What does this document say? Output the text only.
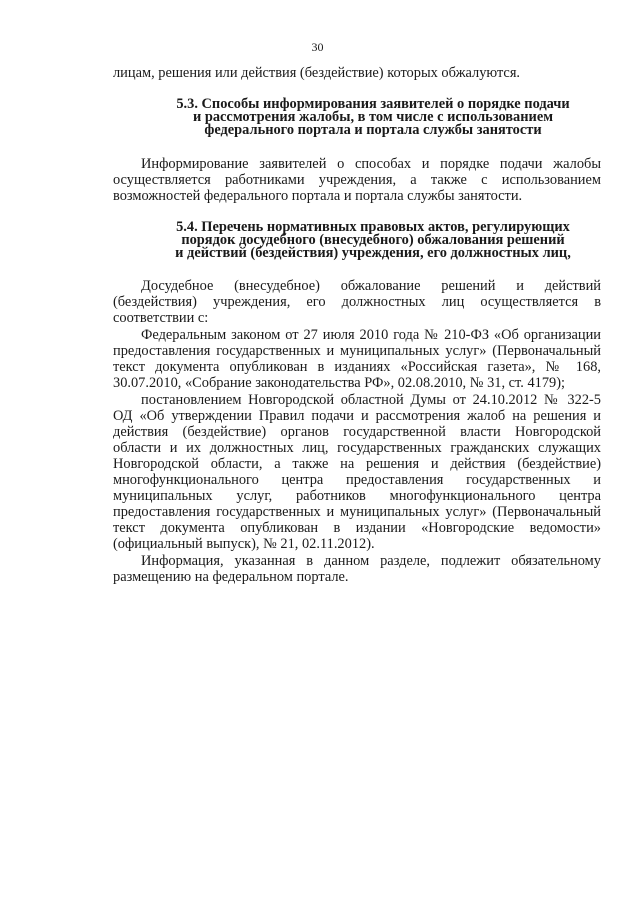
30
лицам, решения или действия (бездействие) которых обжалуются.
5.3. Способы информирования заявителей о порядке подачи
и рассмотрения жалобы, в том числе с использованием
федерального портала и портала службы занятости
Информирование заявителей о способах и порядке подачи жалобы
осуществляется работниками учреждения, а также с использованием
возможностей федерального портала и портала службы занятости.
5.4. Перечень нормативных правовых актов, регулирующих
порядок досудебного (внесудебного) обжалования решений
и действий (бездействия) учреждения, его должностных лиц,
Досудебное (внесудебное) обжалование решений и действий
(бездействия) учреждения, его должностных лиц осуществляется в
соответствии с:
Федеральным законом от 27 июля 2010 года № 210-ФЗ «Об организации
предоставления государственных и муниципальных услуг» (Первоначальный
текст документа опубликован в изданиях «Российская газета», № 168,
30.07.2010, «Собрание законодательства РФ», 02.08.2010, № 31, ст. 4179);
постановлением Новгородской областной Думы от 24.10.2012 № 322-5
ОД «Об утверждении Правил подачи и рассмотрения жалоб на решения и
действия (бездействие) органов государственной власти Новгородской
области и их должностных лиц, государственных гражданских служащих
Новгородской области, а также на решения и действия (бездействие)
многофункционального центра предоставления государственных и
муниципальных услуг, работников многофункционального центра
предоставления государственных и муниципальных услуг» (Первоначальный
текст документа опубликован в издании «Новгородские ведомости»
(официальный выпуск), № 21, 02.11.2012).
Информация, указанная в данном разделе, подлежит обязательному
размещению на федеральном портале.
